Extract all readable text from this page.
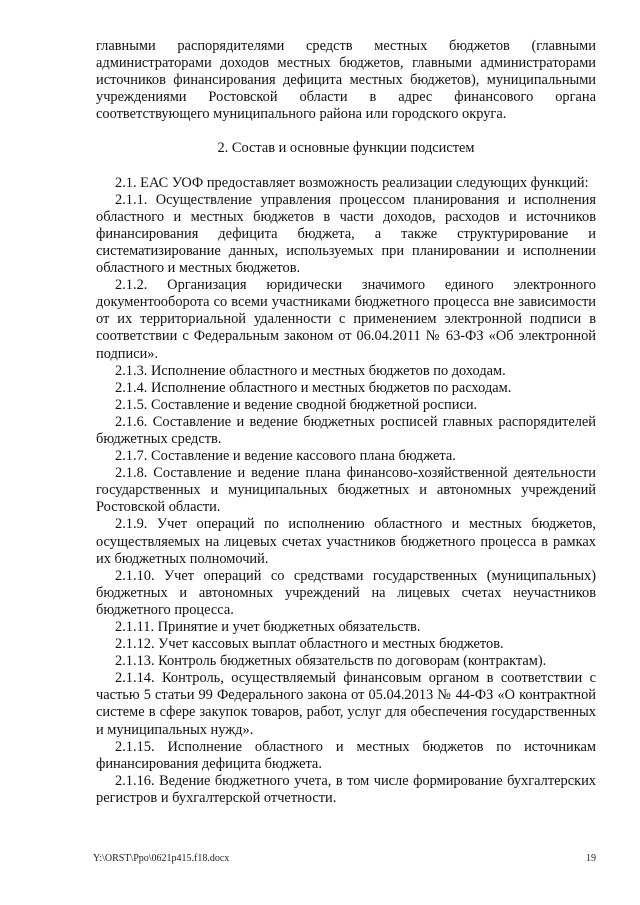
главными распорядителями средств местных бюджетов (главными администраторами доходов местных бюджетов, главными администраторами источников финансирования дефицита местных бюджетов), муниципальными учреждениями Ростовской области в адрес финансового органа соответствующего муниципального района или городского округа.

2. Состав и основные функции подсистем

2.1. ЕАС УОФ предоставляет возможность реализации следующих функций:

2.1.1. Осуществление управления процессом планирования и исполнения областного и местных бюджетов в части доходов, расходов и источников финансирования дефицита бюджета, а также структурирование и систематизирование данных, используемых при планировании и исполнении областного и местных бюджетов.

2.1.2. Организация юридически значимого единого электронного документооборота со всеми участниками бюджетного процесса вне зависимости от их территориальной удаленности с применением электронной подписи в соответствии с Федеральным законом от 06.04.2011 № 63-ФЗ «Об электронной подписи».

2.1.3. Исполнение областного и местных бюджетов по доходам.

2.1.4. Исполнение областного и местных бюджетов по расходам.

2.1.5. Составление и ведение сводной бюджетной росписи.

2.1.6. Составление и ведение бюджетных росписей главных распорядителей бюджетных средств.

2.1.7. Составление и ведение кассового плана бюджета.

2.1.8. Составление и ведение плана финансово-хозяйственной деятельности государственных и муниципальных бюджетных и автономных учреждений Ростовской области.

2.1.9. Учет операций по исполнению областного и местных бюджетов, осуществляемых на лицевых счетах участников бюджетного процесса в рамках их бюджетных полномочий.

2.1.10. Учет операций со средствами государственных (муниципальных) бюджетных и автономных учреждений на лицевых счетах неучастников бюджетного процесса.

2.1.11. Принятие и учет бюджетных обязательств.

2.1.12. Учет кассовых выплат областного и местных бюджетов.

2.1.13. Контроль бюджетных обязательств по договорам (контрактам).

2.1.14. Контроль, осуществляемый финансовым органом в соответствии с частью 5 статьи 99 Федерального закона от 05.04.2013 № 44-ФЗ «О контрактной системе в сфере закупок товаров, работ, услуг для обеспечения государственных и муниципальных нужд».

2.1.15. Исполнение областного и местных бюджетов по источникам финансирования дефицита бюджета.

2.1.16. Ведение бюджетного учета, в том числе формирование бухгалтерских регистров и бухгалтерской отчетности.

Y:\ORST\Ppo\0621p415.f18.docx	19
